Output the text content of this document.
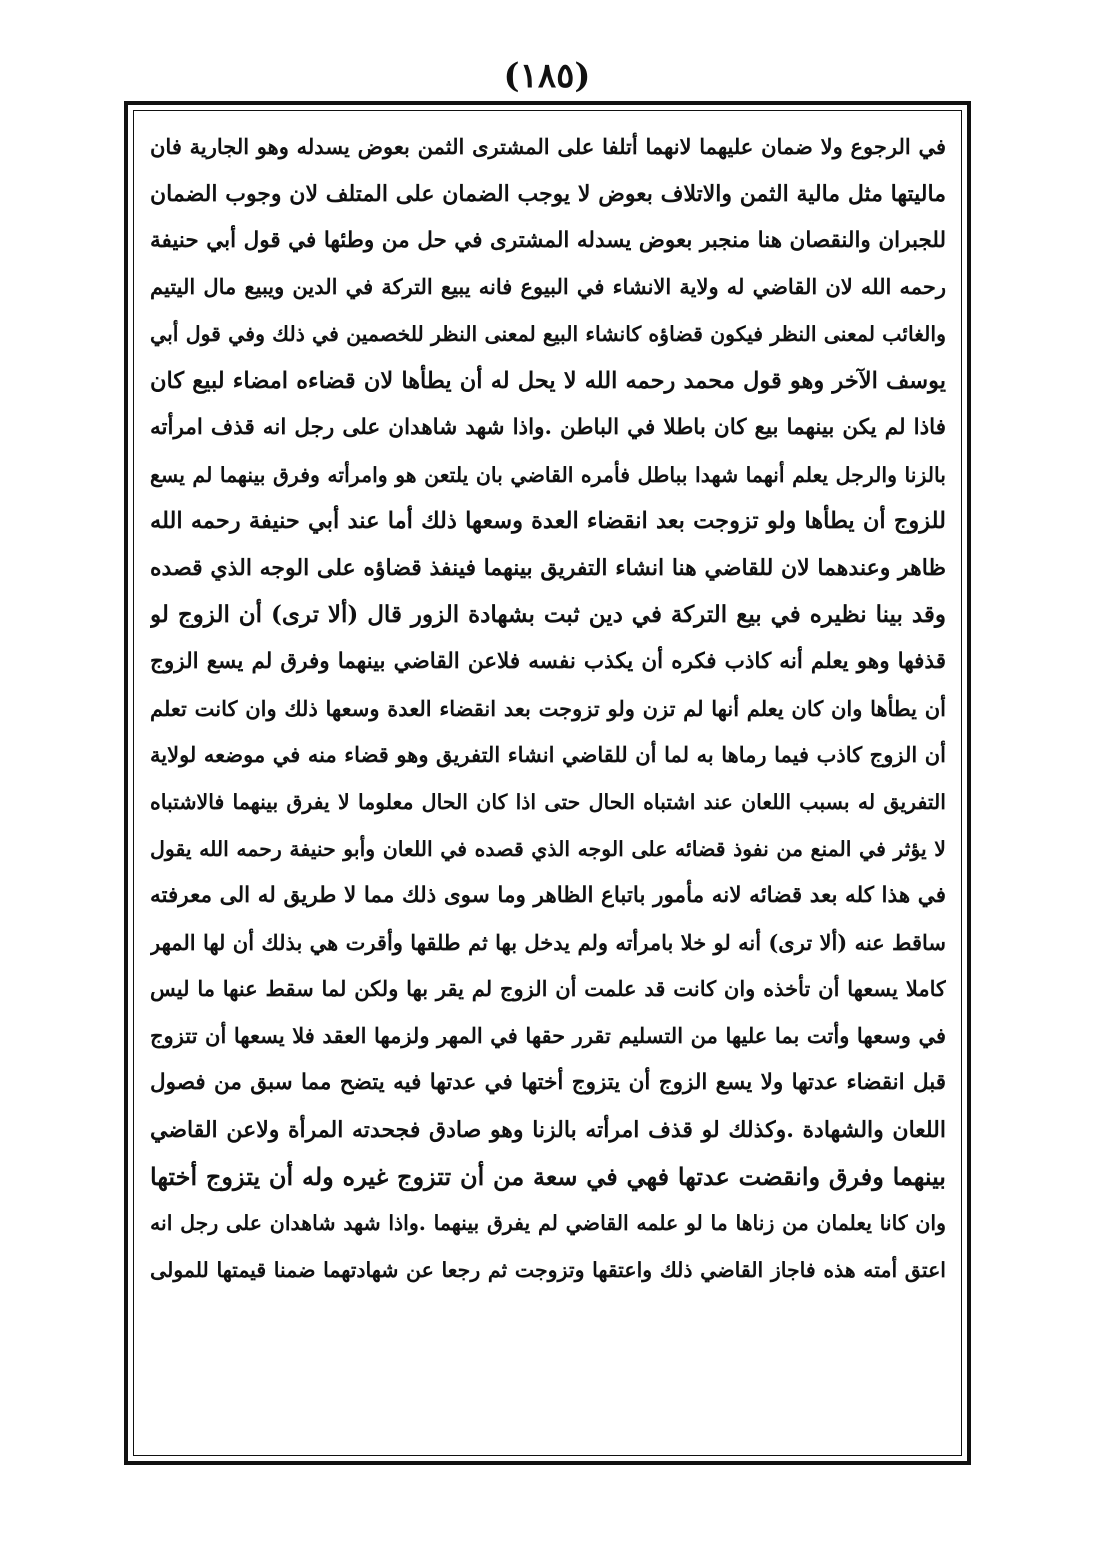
(١٨٥)
في الرجوع ولا ضمان عليهما لانهما أتلفا على المشترى الثمن بعوض يسدله وهو الجارية فان
ماليتها مثل مالية الثمن والاتلاف بعوض لا يوجب الضمان على المتلف لان وجوب الضمان
للجبران والنقصان هنا منجبر بعوض يسدله المشترى في حل من وطئها في قول أبي حنيفة
رحمه الله لان القاضي له ولاية الانشاء في البيوع فانه يبيع التركة في الدين ويبيع مال اليتيم
والغائب لمعنى النظر فيكون قضاؤه كانشاء البيع لمعنى النظر للخصمين في ذلك وفي قول أبي
يوسف الآخر وهو قول محمد رحمه الله لا يحل له أن يطأها لان قضاءه امضاء لبيع كان
فاذا لم يكن بينهما بيع كان باطلا في الباطن .واذا شهد شاهدان على رجل انه قذف امرأته
بالزنا والرجل يعلم أنهما شهدا بباطل فأمره القاضي بان يلتعن هو وامرأته وفرق بينهما لم يسع
للزوج أن يطأها ولو تزوجت بعد انقضاء العدة وسعها ذلك أما عند أبي حنيفة رحمه الله
ظاهر وعندهما لان للقاضي هنا انشاء التفريق بينهما فينفذ قضاؤه على الوجه الذي قصده
وقد بينا نظيره في بيع التركة في دين ثبت بشهادة الزور قال (ألا ترى) أن الزوج لو
قذفها وهو يعلم أنه كاذب فكره أن يكذب نفسه فلاعن القاضي بينهما وفرق لم يسع الزوج
أن يطأها وان كان يعلم أنها لم تزن ولو تزوجت بعد انقضاء العدة وسعها ذلك وان كانت تعلم
أن الزوج كاذب فيما رماها به لما أن للقاضي انشاء التفريق وهو قضاء منه في موضعه لولاية
التفريق له بسبب اللعان عند اشتباه الحال حتى اذا كان الحال معلوما لا يفرق بينهما فالاشتباه
لا يؤثر في المنع من نفوذ قضائه على الوجه الذي قصده في اللعان وأبو حنيفة رحمه الله يقول
في هذا كله بعد قضائه لانه مأمور باتباع الظاهر وما سوى ذلك مما لا طريق له الى معرفته
ساقط عنه (ألا ترى) أنه لو خلا بامرأته ولم يدخل بها ثم طلقها وأقرت هي بذلك أن لها المهر
كاملا يسعها أن تأخذه وان كانت قد علمت أن الزوج لم يقر بها ولكن لما سقط عنها ما ليس
في وسعها وأتت بما عليها من التسليم تقرر حقها في المهر ولزمها العقد فلا يسعها أن تتزوج
قبل انقضاء عدتها ولا يسع الزوج أن يتزوج أختها في عدتها فيه يتضح مما سبق من فصول
اللعان والشهادة .وكذلك لو قذف امرأته بالزنا وهو صادق فجحدته المرأة ولاعن القاضي
بينهما وفرق وانقضت عدتها فهي في سعة من أن تتزوج غيره وله أن يتزوج أختها
وان كانا يعلمان من زناها ما لو علمه القاضي لم يفرق بينهما .واذا شهد شاهدان على رجل انه
اعتق أمته هذه فاجاز القاضي ذلك واعتقها وتزوجت ثم رجعا عن شهادتهما ضمنا قيمتها للمولى
